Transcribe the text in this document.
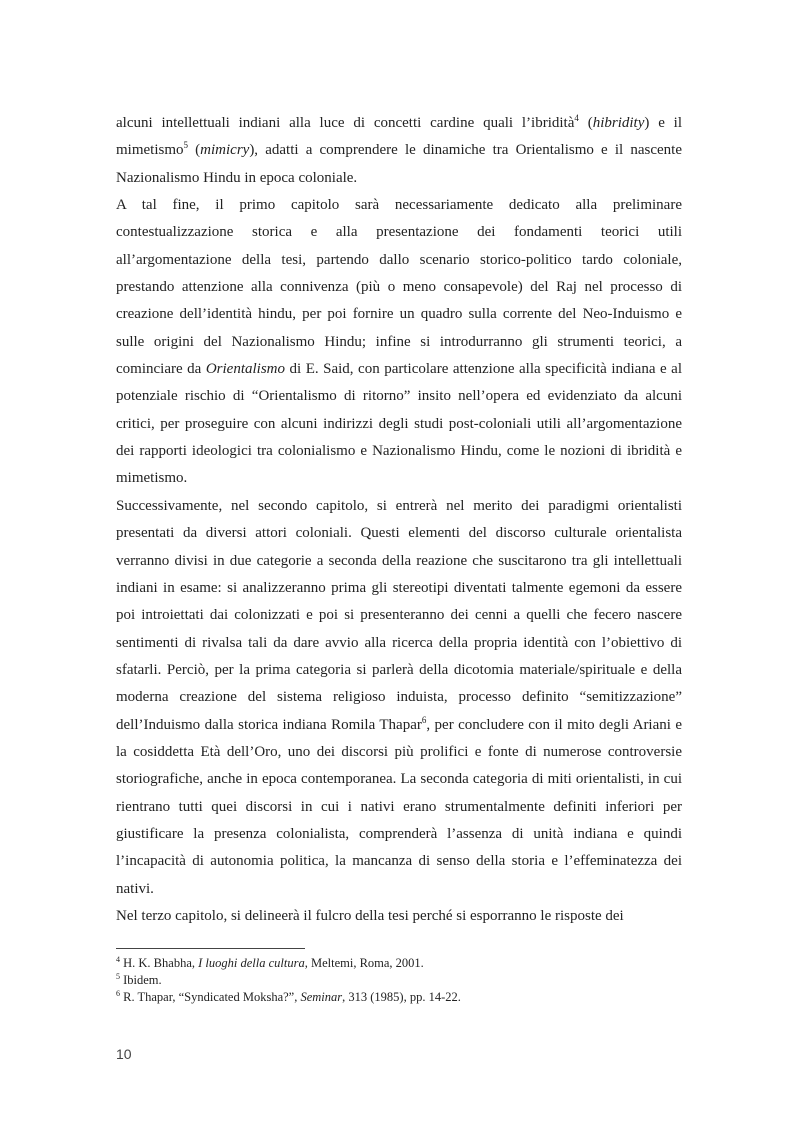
alcuni intellettuali indiani alla luce di concetti cardine quali l’ibridità$^4$ (hibridity) e il mimetismo$^5$ (mimicry), adatti a comprendere le dinamiche tra Orientalismo e il nascente Nazionalismo Hindu in epoca coloniale.

A tal fine, il primo capitolo sarà necessariamente dedicato alla preliminare contestualizzazione storica e alla presentazione dei fondamenti teorici utili all’argomentazione della tesi, partendo dallo scenario storico-politico tardo coloniale, prestando attenzione alla connivenza (più o meno consapevole) del Raj nel processo di creazione dell’identità hindu, per poi fornire un quadro sulla corrente del Neo-Induismo e sulle origini del Nazionalismo Hindu; infine si introdurranno gli strumenti teorici, a cominciare da Orientalismo di E. Said, con particolare attenzione alla specificità indiana e al potenziale rischio di “Orientalismo di ritorno” insito nell’opera ed evidenziato da alcuni critici, per proseguire con alcuni indirizzi degli studi post-coloniali utili all’argomentazione dei rapporti ideologici tra colonialismo e Nazionalismo Hindu, come le nozioni di ibridità e mimetismo.

Successivamente, nel secondo capitolo, si entrerà nel merito dei paradigmi orientalisti presentati da diversi attori coloniali. Questi elementi del discorso culturale orientalista verranno divisi in due categorie a seconda della reazione che suscitarono tra gli intellettuali indiani in esame: si analizzeranno prima gli stereotipi diventati talmente egemoni da essere poi introiettati dai colonizzati e poi si presenteranno dei cenni a quelli che fecero nascere sentimenti di rivalsa tali da dare avvio alla ricerca della propria identità con l’obiettivo di sfatarli. Perciò, per la prima categoria si parlerà della dicotomia materiale/spirituale e della moderna creazione del sistema religioso induista, processo definito “semitizzazione” dell’Induismo dalla storica indiana Romila Thapar$^6$, per concludere con il mito degli Ariani e la cosiddetta Età dell’Oro, uno dei discorsi più prolifici e fonte di numerose controversie storiografiche, anche in epoca contemporanea. La seconda categoria di miti orientalisti, in cui rientrano tutti quei discorsi in cui i nativi erano strumentalmente definiti inferiori per giustificare la presenza colonialista, comprenderà l’assenza di unità indiana e quindi l’incapacità di autonomia politica, la mancanza di senso della storia e l’effeminatezza dei nativi.

Nel terzo capitolo, si delineerà il fulcro della tesi perché si esporranno le risposte dei

$^4$ H. K. Bhabha, I luoghi della cultura, Meltemi, Roma, 2001.
$^5$ Ibidem.
$^6$ R. Thapar, “Syndicated Moksha?”, Seminar, 313 (1985), pp. 14-22.
10
